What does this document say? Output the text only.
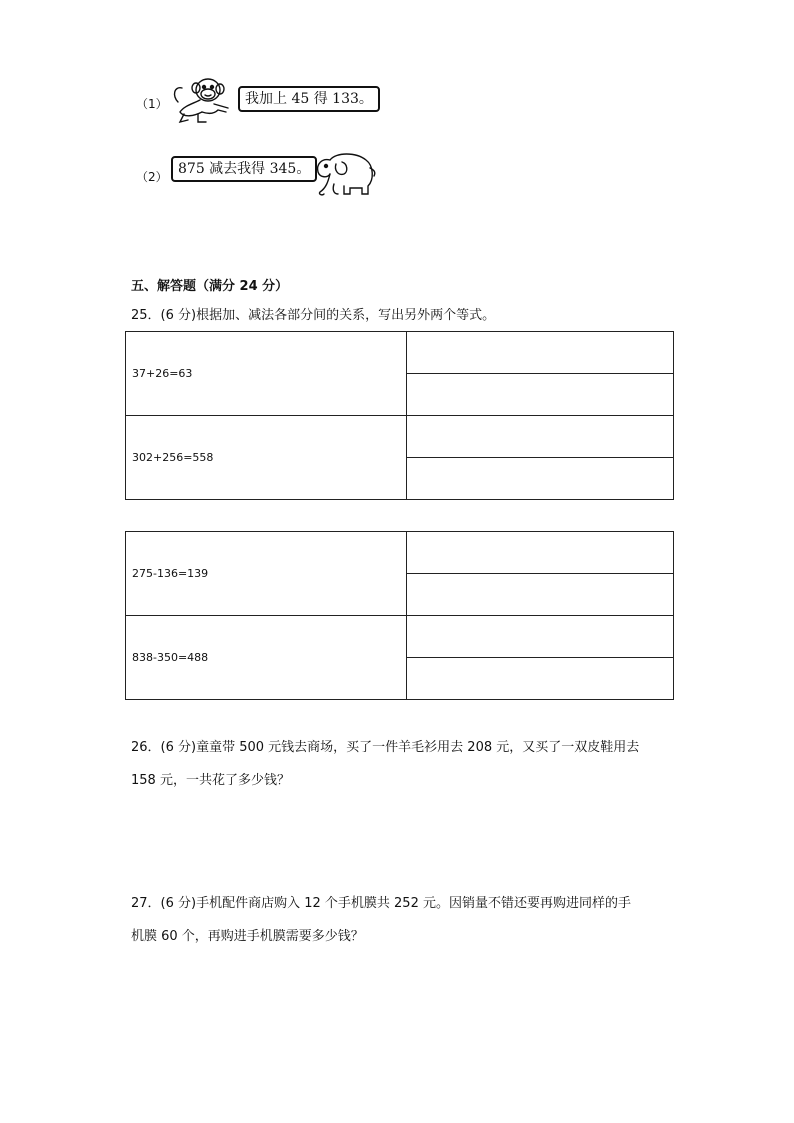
（1）	我加上 45 得 133。
（2） 875 减去我得 345。
五、解答题（满分 24 分）
25．(6 分)根据加、减法各部分间的关系，写出另外两个等式。
37+26=63	

302+256=558	

275-136=139	

838-350=488	

26．(6 分)童童带 500 元钱去商场，买了一件羊毛衫用去 208 元，又买了一双皮鞋用去
158 元，一共花了多少钱？
27．(6 分)手机配件商店购入 12 个手机膜共 252 元。因销量不错还要再购进同样的手
机膜 60 个，再购进手机膜需要多少钱？
